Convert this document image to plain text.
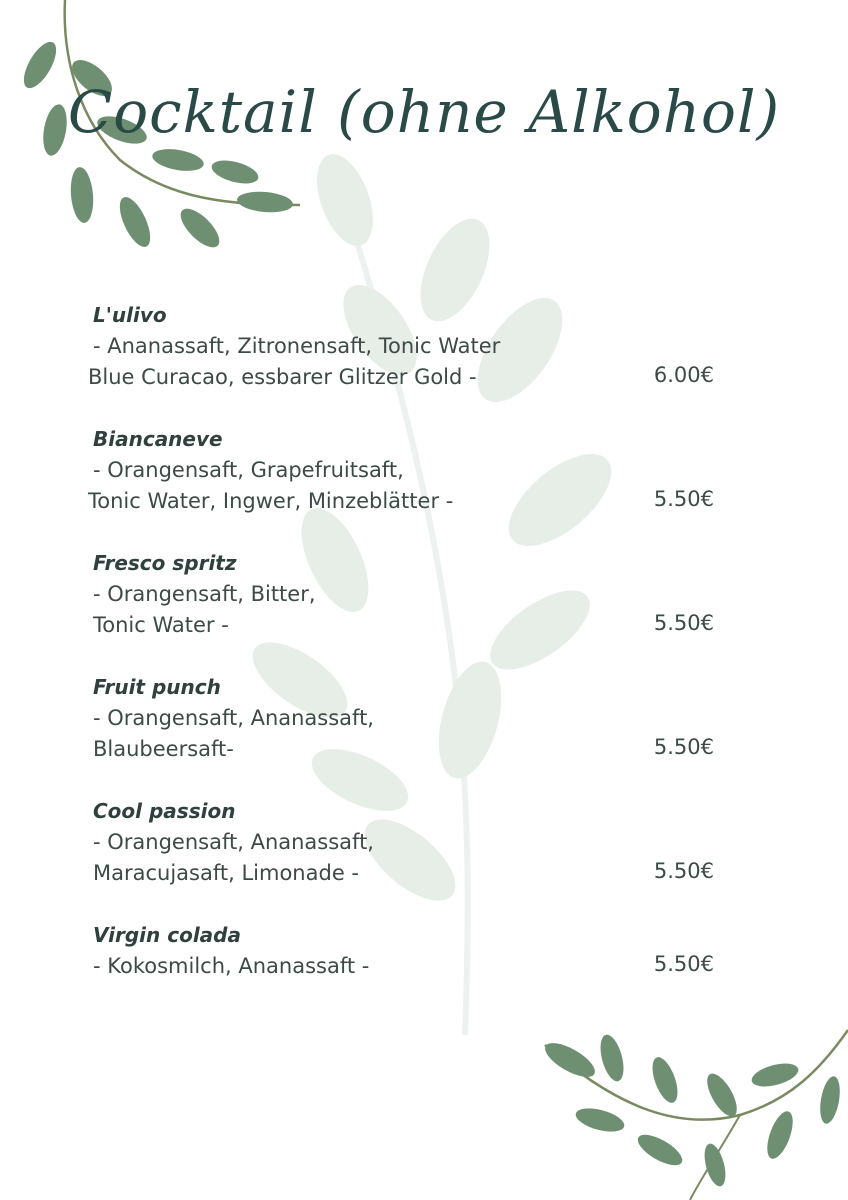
Cocktail (ohne Alkohol)
L'ulivo
- Ananassaft, Zitronensaft, Tonic Water
Blue Curacao, essbarer Glitzer Gold -	6.00€
Biancaneve
- Orangensaft, Grapefruitsaft,
Tonic Water, Ingwer, Minzeblätter -	5.50€
Fresco spritz
- Orangensaft, Bitter,
Tonic Water -	5.50€
Fruit punch
- Orangensaft, Ananassaft,
Blaubeersaft-	5.50€
Cool passion
- Orangensaft, Ananassaft,
Maracujasaft, Limonade -	5.50€
Virgin colada
- Kokosmilch, Ananassaft -	5.50€
